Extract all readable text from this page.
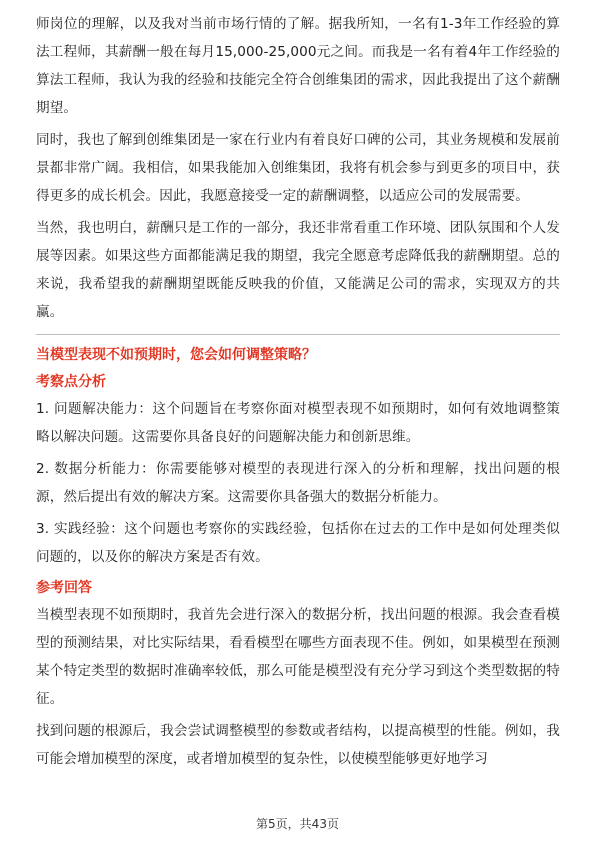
师岗位的理解，以及我对当前市场行情的了解。据我所知，一名有1-3年工作经验的算法工程师，其薪酬一般在每月15,000-25,000元之间。而我是一名有着4年工作经验的算法工程师，我认为我的经验和技能完全符合创维集团的需求，因此我提出了这个薪酬期望。

同时，我也了解到创维集团是一家在行业内有着良好口碑的公司，其业务规模和发展前景都非常广阔。我相信，如果我能加入创维集团，我将有机会参与到更多的项目中，获得更多的成长机会。因此，我愿意接受一定的薪酬调整，以适应公司的发展需要。

当然，我也明白，薪酬只是工作的一部分，我还非常看重工作环境、团队氛围和个人发展等因素。如果这些方面都能满足我的期望，我完全愿意考虑降低我的薪酬期望。总的来说，我希望我的薪酬期望既能反映我的价值，又能满足公司的需求，实现双方的共赢。

当模型表现不如预期时，您会如何调整策略？

考察点分析

1. 问题解决能力：这个问题旨在考察你面对模型表现不如预期时，如何有效地调整策略以解决问题。这需要你具备良好的问题解决能力和创新思维。

2. 数据分析能力：你需要能够对模型的表现进行深入的分析和理解，找出问题的根源，然后提出有效的解决方案。这需要你具备强大的数据分析能力。

3. 实践经验：这个问题也考察你的实践经验，包括你在过去的工作中是如何处理类似问题的，以及你的解决方案是否有效。

参考回答

当模型表现不如预期时，我首先会进行深入的数据分析，找出问题的根源。我会查看模型的预测结果，对比实际结果，看看模型在哪些方面表现不佳。例如，如果模型在预测某个特定类型的数据时准确率较低，那么可能是模型没有充分学习到这个类型数据的特征。

找到问题的根源后，我会尝试调整模型的参数或者结构，以提高模型的性能。例如，我可能会增加模型的深度，或者增加模型的复杂性，以使模型能够更好地学习

第5页，共43页
